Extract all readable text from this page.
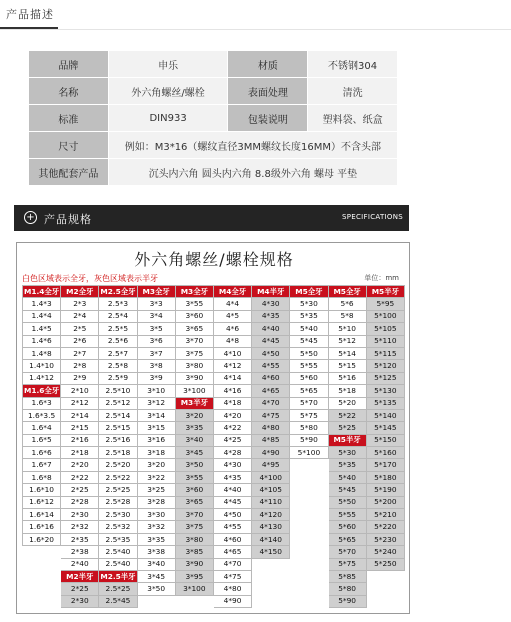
产品描述
品牌	申乐	材质	不锈钢304
名称	外六角螺丝/螺栓	表面处理	清洗
标准	DIN933	包装说明	塑料袋、纸盒
尺寸	例如：M3*16（螺纹直径3MM螺纹长度16MM）不含头部		
其他配套产品	沉头内六角 圆头内六角 8.8级外六角 螺母 平垫		
+ 产品规格	SPECIFICATIONS
外六角螺丝/螺栓规格
白色区域表示全牙，灰色区域表示半牙	单位：mm
M1.4全牙	M2全牙	M2.5全牙	M3全牙	M3全牙	M4全牙	M4半牙	M5全牙	M5全牙	M5半牙
1.4*3	2*3	2.5*3	3*3	3*55	4*4	4*30	5*30	5*6	5*95
1.4*4	2*4	2.5*4	3*4	3*60	4*5	4*35	5*35	5*8	5*100
1.4*5	2*5	2.5*5	3*5	3*65	4*6	4*40	5*40	5*10	5*105
1.4*6	2*6	2.5*6	3*6	3*70	4*8	4*45	5*45	5*12	5*110
1.4*8	2*7	2.5*7	3*7	3*75	4*10	4*50	5*50	5*14	5*115
1.4*10	2*8	2.5*8	3*8	3*80	4*12	4*55	5*55	5*15	5*120
1.4*12	2*9	2.5*9	3*9	3*90	4*14	4*60	5*60	5*16	5*125
M1.6全牙	2*10	2.5*10	3*10	3*100	4*16	4*65	5*65	5*18	5*130
1.6*3	2*12	2.5*12	3*12	M3半牙	4*18	4*70	5*70	5*20	5*135
1.6*3.5	2*14	2.5*14	3*14	3*20	4*20	4*75	5*75	5*22	5*140
1.6*4	2*15	2.5*15	3*15	3*35	4*22	4*80	5*80	5*25	5*145
1.6*5	2*16	2.5*16	3*16	3*40	4*25	4*85	5*90	M5半牙	5*150
1.6*6	2*18	2.5*18	3*18	3*45	4*28	4*90	5*100	5*30	5*160
1.6*7	2*20	2.5*20	3*20	3*50	4*30	4*95		5*35	5*170
1.6*8	2*22	2.5*22	3*22	3*55	4*35	4*100		5*40	5*180
1.6*10	2*25	2.5*25	3*25	3*60	4*40	4*105		5*45	5*190
1.6*12	2*28	2.5*28	3*28	3*65	4*45	4*110		5*50	5*200
1.6*14	2*30	2.5*30	3*30	3*70	4*50	4*120		5*55	5*210
1.6*16	2*32	2.5*32	3*32	3*75	4*55	4*130		5*60	5*220
1.6*20	2*35	2.5*35	3*35	3*80	4*60	4*140		5*65	5*230
	2*38	2.5*40	3*38	3*85	4*65	4*150		5*70	5*240
	2*40	2.5*40	3*40	3*90	4*70			5*75	5*250
	M2半牙	M2.5半牙	3*45	3*95	4*75			5*85	
	2*25	2.5*25	3*50	3*100	4*80			5*80	
	2*30	2.5*45			4*90			5*90	
